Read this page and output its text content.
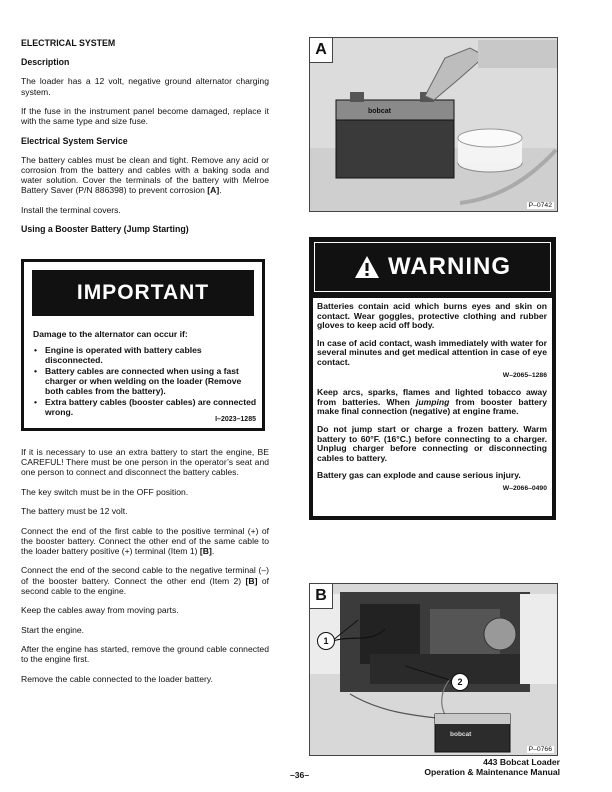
ELECTRICAL SYSTEM
Description

The loader has a 12 volt, negative ground alternator charging system.

If the fuse in the instrument panel become damaged, replace it with the same type and size fuse.

Electrical System Service

The battery cables must be clean and tight. Remove any acid or corrosion from the battery and cables with a baking soda and water solution. Cover the terminals of the battery with Melroe Battery Saver (P/N 886398) to prevent corrosion [A].

Install the terminal covers.

Using a Booster Battery (Jump Starting)
IMPORTANT
Damage to the alternator can occur if:
• Engine is operated with battery cables disconnected.
• Battery cables are connected when using a fast charger or when welding on the loader (Remove both cables from the battery).
• Extra battery cables (booster cables) are connected wrong.
I–2023–1285

If it is necessary to use an extra battery to start the engine, BE CAREFUL! There must be one person in the operator’s seat and one person to connect and disconnect the battery cables.

The key switch must be in the OFF position.

The battery must be 12 volt.

Connect the end of the first cable to the positive terminal (+) of the booster battery. Connect the other end of the same cable to the loader battery positive (+) terminal (Item 1) [B].

Connect the end of the second cable to the negative terminal (–) of the booster battery. Connect the other end (Item 2) [B] of second cable to the engine.

Keep the cables away from moving parts.

Start the engine.

After the engine has started, remove the ground cable connected to the engine first.

Remove the cable connected to the loader battery.

bobcat
A
P–0742
WARNING

Batteries contain acid which burns eyes and skin on contact. Wear goggles, protective clothing and rubber gloves to keep acid off body.

In case of acid contact, wash immediately with water for several minutes and get medical attention in case of eye contact.

W–2065–1286

Keep arcs, sparks, flames and lighted tobacco away from batteries. When jumping from booster battery make final connection (negative) at engine frame.

Do not jump start or charge a frozen battery. Warm battery to 60°F. (16°C.) before connecting to a charger. Unplug charger before connecting or disconnecting cables to battery.

Battery gas can explode and cause serious injury.

W–2066–0490
bobcat
B
1
2
P–0766
–36–
443 Bobcat Loader
Operation & Maintenance Manual
